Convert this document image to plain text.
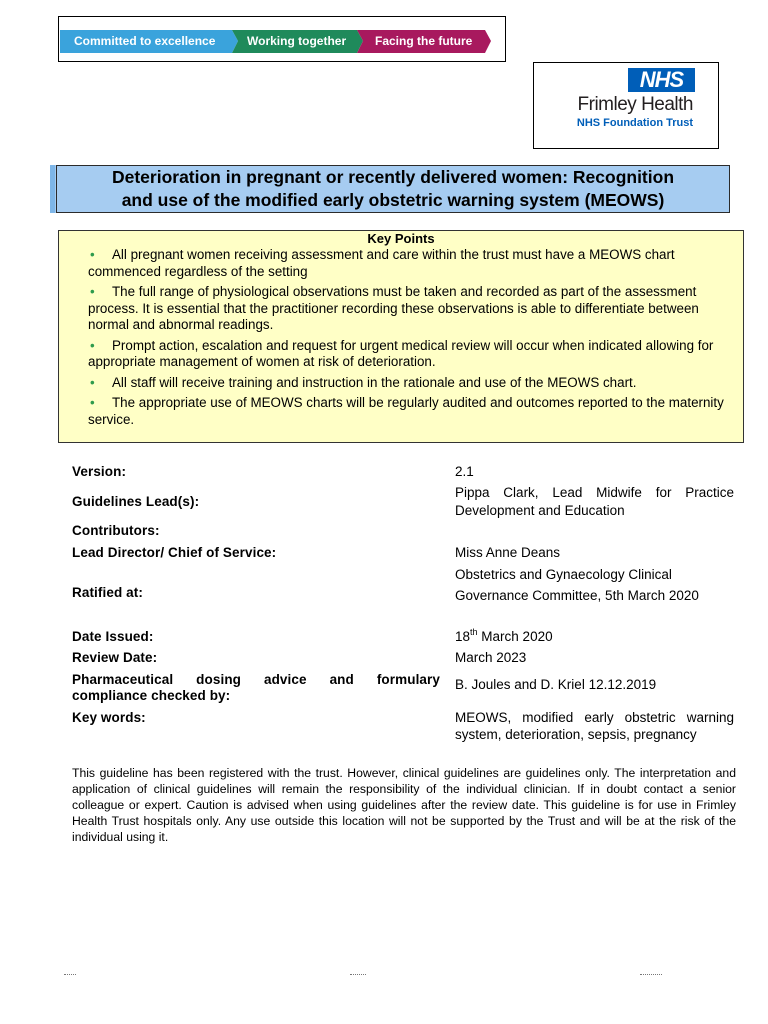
Committed to excellence	Working together Facing the future
NHS
Frimley Health
NHS Foundation Trust
Deterioration in pregnant or recently delivered women: Recognition
and use of the modified early obstetric warning system (MEOWS)
Key Points
• All pregnant women receiving assessment and care within the trust must have a MEOWS chart commenced regardless of the setting
• The full range of physiological observations must be taken and recorded as part of the assessment process. It is essential that the practitioner recording these observations is able to differentiate between normal and abnormal readings.
• Prompt action, escalation and request for urgent medical review will occur when indicated allowing for appropriate management of women at risk of deterioration.
• All staff will receive training and instruction in the rationale and use of the MEOWS chart.
• The appropriate use of MEOWS charts will be regularly audited and outcomes reported to the maternity service.
Version:	2.1
Guidelines Lead(s):
Pippa Clark, Lead Midwife for Practice Development and Education
Contributors:
Lead Director/ Chief of Service:	Miss Anne Deans
Ratified at:
Obstetrics and Gynaecology Clinical Governance Committee, 5th March 2020
Date Issued:	18th March 2020
Review Date:	March 2023
Pharmaceutical dosing advice and formulary compliance checked by:
B. Joules and D. Kriel 12.12.2019
Key words:	MEOWS, modified early obstetric warning system, deterioration, sepsis, pregnancy
This guideline has been registered with the trust. However, clinical guidelines are guidelines only. The interpretation and application of clinical guidelines will remain the responsibility of the individual clinician. If in doubt contact a senior colleague or expert. Caution is advised when using guidelines after the review date. This guideline is for use in Frimley Health Trust hospitals only. Any use outside this location will not be supported by the Trust and will be at the risk of the individual using it.
